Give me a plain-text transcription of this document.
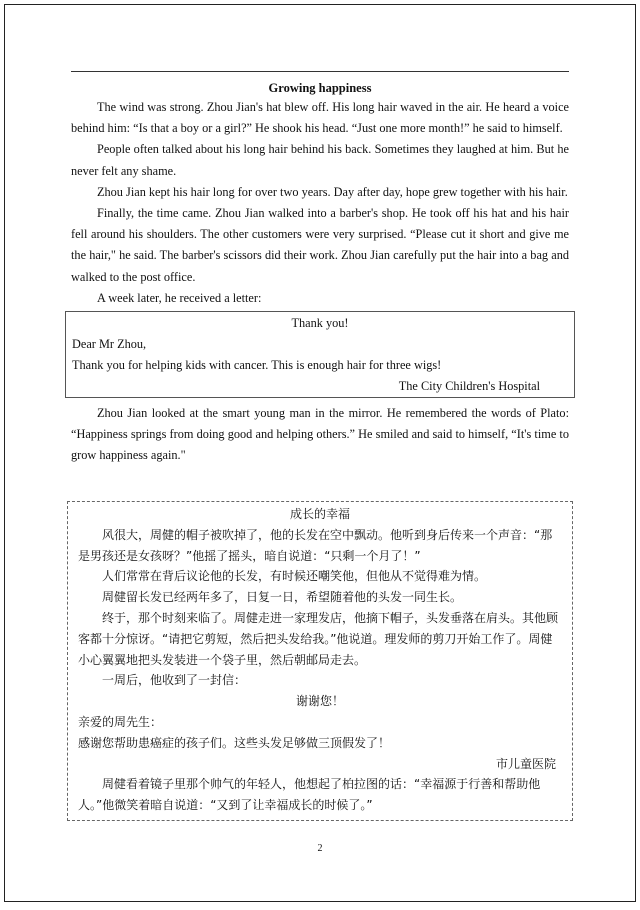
Growing happiness

The wind was strong. Zhou Jian's hat blew off. His long hair waved in the air. He heard a voice behind him: “Is that a boy or a girl?” He shook his head. “Just one more month!” he said to himself.

People often talked about his long hair behind his back. Sometimes they laughed at him. But he never felt any shame.

Zhou Jian kept his hair long for over two years. Day after day, hope grew together with his hair.

Finally, the time came. Zhou Jian walked into a barber's shop. He took off his hat and his hair fell around his shoulders. The other customers were very surprised. “Please cut it short and give me the hair," he said. The barber's scissors did their work. Zhou Jian carefully put the hair into a bag and walked to the post office.

A week later, he received a letter:

Thank you!

Dear Mr Zhou,

Thank you for helping kids with cancer. This is enough hair for three wigs!

The City Children's Hospital

Zhou Jian looked at the smart young man in the mirror. He remembered the words of Plato: “Happiness springs from doing good and helping others.” He smiled and said to himself, “It's time to grow happiness again."

成长的幸福

风很大，周健的帽子被吹掉了，他的长发在空中飘动。他听到身后传来一个声音：“那是男孩还是女孩呀？”他摇了摇头，暗自说道：“只剩一个月了！”

人们常常在背后议论他的长发，有时候还嘲笑他，但他从不觉得难为情。

周健留长发已经两年多了，日复一日，希望随着他的头发一同生长。

终于，那个时刻来临了。周健走进一家理发店，他摘下帽子，头发垂落在肩头。其他顾客都十分惊讶。“请把它剪短，然后把头发给我。”他说道。理发师的剪刀开始工作了。周健小心翼翼地把头发装进一个袋子里，然后朝邮局走去。

一周后，他收到了一封信：

谢谢您！

亲爱的周先生：

感谢您帮助患癌症的孩子们。这些头发足够做三顶假发了！

市儿童医院

周健看着镜子里那个帅气的年轻人，他想起了柏拉图的话：“幸福源于行善和帮助他人。”他微笑着暗自说道：“又到了让幸福成长的时候了。”

2
